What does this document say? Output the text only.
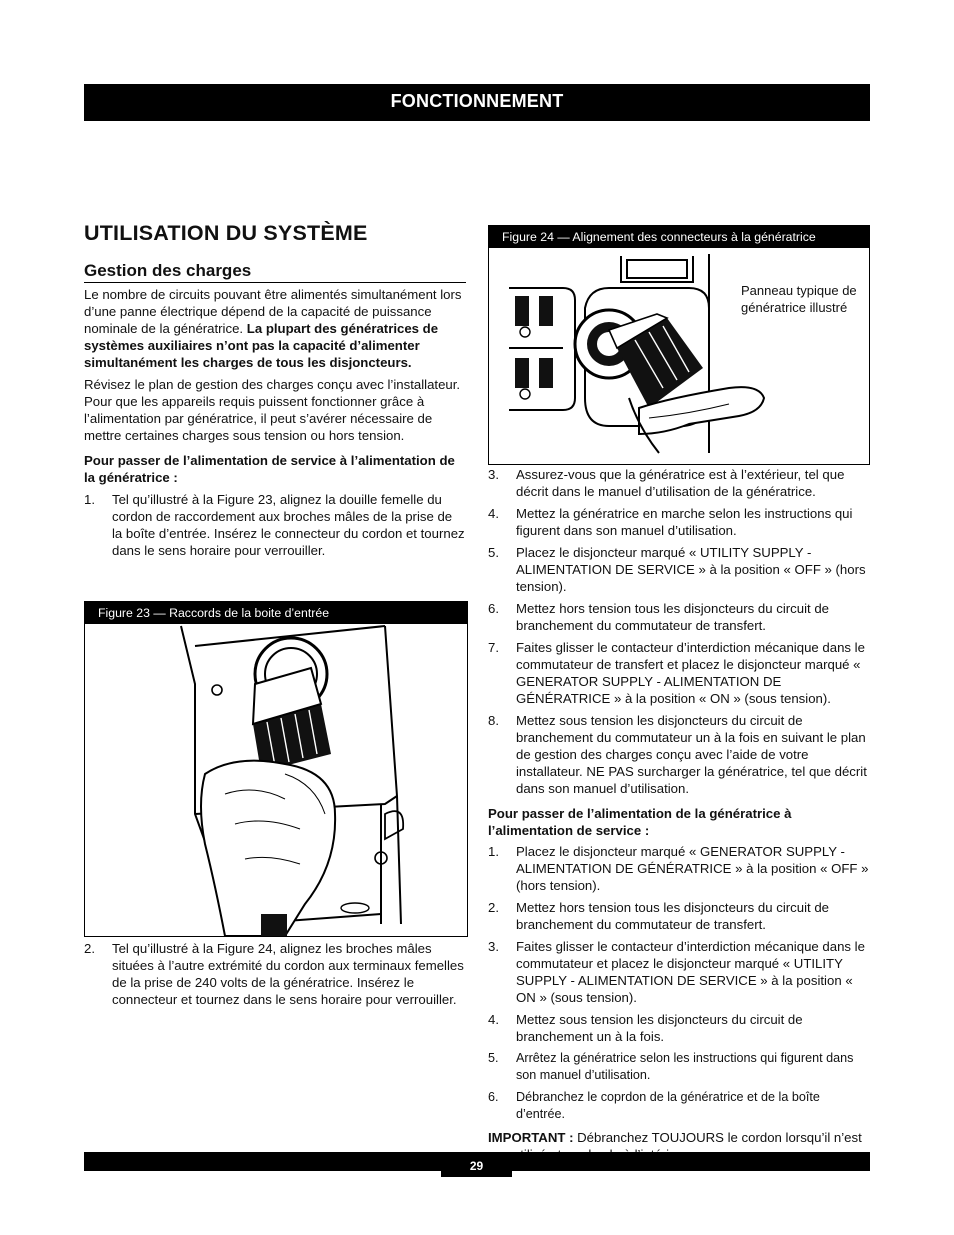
FONCTIONNEMENT
UTILISATION DU SYSTÈME
Gestion des charges

Le nombre de circuits pouvant être alimentés simultanément lors d’une panne électrique dépend de la capacité de puissance nominale de la génératrice. La plupart des génératrices de systèmes auxiliaires n’ont pas la capacité d’alimenter simultanément les charges de tous les disjoncteurs.

Révisez le plan de gestion des charges conçu avec l’installateur. Pour que les appareils requis puissent fonctionner grâce à l’alimentation par génératrice, il peut s’avérer nécessaire de mettre certaines charges sous tension ou hors tension.

Pour passer de l’alimentation de service à l’alimentation de la génératrice :

1. Tel qu’illustré à la Figure 23, alignez la douille femelle du cordon de raccordement aux broches mâles de la prise de la boîte d’entrée. Insérez le connecteur du cordon et tournez dans le sens horaire pour verrouiller.
Figure 23 — Raccords de la boite d’entrée
2. Tel qu’illustré à la Figure 24, alignez les broches mâles situées à l’autre extrémité du cordon aux terminaux femelles de la prise de 240 volts de la génératrice. Insérez le connecteur et tournez dans le sens horaire pour verrouiller.
Figure 24 — Alignement des connecteurs à la génératrice
Panneau typique de génératrice illustré
3. Assurez-vous que la génératrice est à l’extérieur, tel que décrit dans le manuel d’utilisation de la génératrice.
4. Mettez la génératrice en marche selon les instructions qui figurent dans son manuel d’utilisation.
5. Placez le disjoncteur marqué « UTILITY SUPPLY - ALIMENTATION DE SERVICE » à la position « OFF » (hors tension).
6. Mettez hors tension tous les disjoncteurs du circuit de branchement du commutateur de transfert.
7. Faites glisser le contacteur d’interdiction mécanique dans le commutateur de transfert et placez le disjoncteur marqué « GENERATOR SUPPLY - ALIMENTATION DE GÉNÉRATRICE » à la position « ON » (sous tension).
8. Mettez sous tension les disjoncteurs du circuit de branchement du commutateur un à la fois en suivant le plan de gestion des charges conçu avec l’aide de votre installateur. NE PAS surcharger la génératrice, tel que décrit dans son manuel d’utilisation.

Pour passer de l’alimentation de la génératrice à l’alimentation de service :

1. Placez le disjoncteur marqué « GENERATOR SUPPLY - ALIMENTATION DE GÉNÉRATRICE » à la position « OFF » (hors tension).
2. Mettez hors tension tous les disjoncteurs du circuit de branchement du commutateur de transfert.
3. Faites glisser le contacteur d’interdiction mécanique dans le commutateur et placez le disjoncteur marqué « UTILITY SUPPLY - ALIMENTATION DE SERVICE » à la position « ON » (sous tension).
4. Mettez sous tension les disjoncteurs du circuit de branchement un à la fois.
5. Arrêtez la génératrice selon les instructions qui figurent dans son manuel d’utilisation.
6. Débranchez le coprdon de la génératrice et de la boîte d’entrée.

IMPORTANT : Débranchez TOUJOURS le cordon lorsqu’il n’est

29
